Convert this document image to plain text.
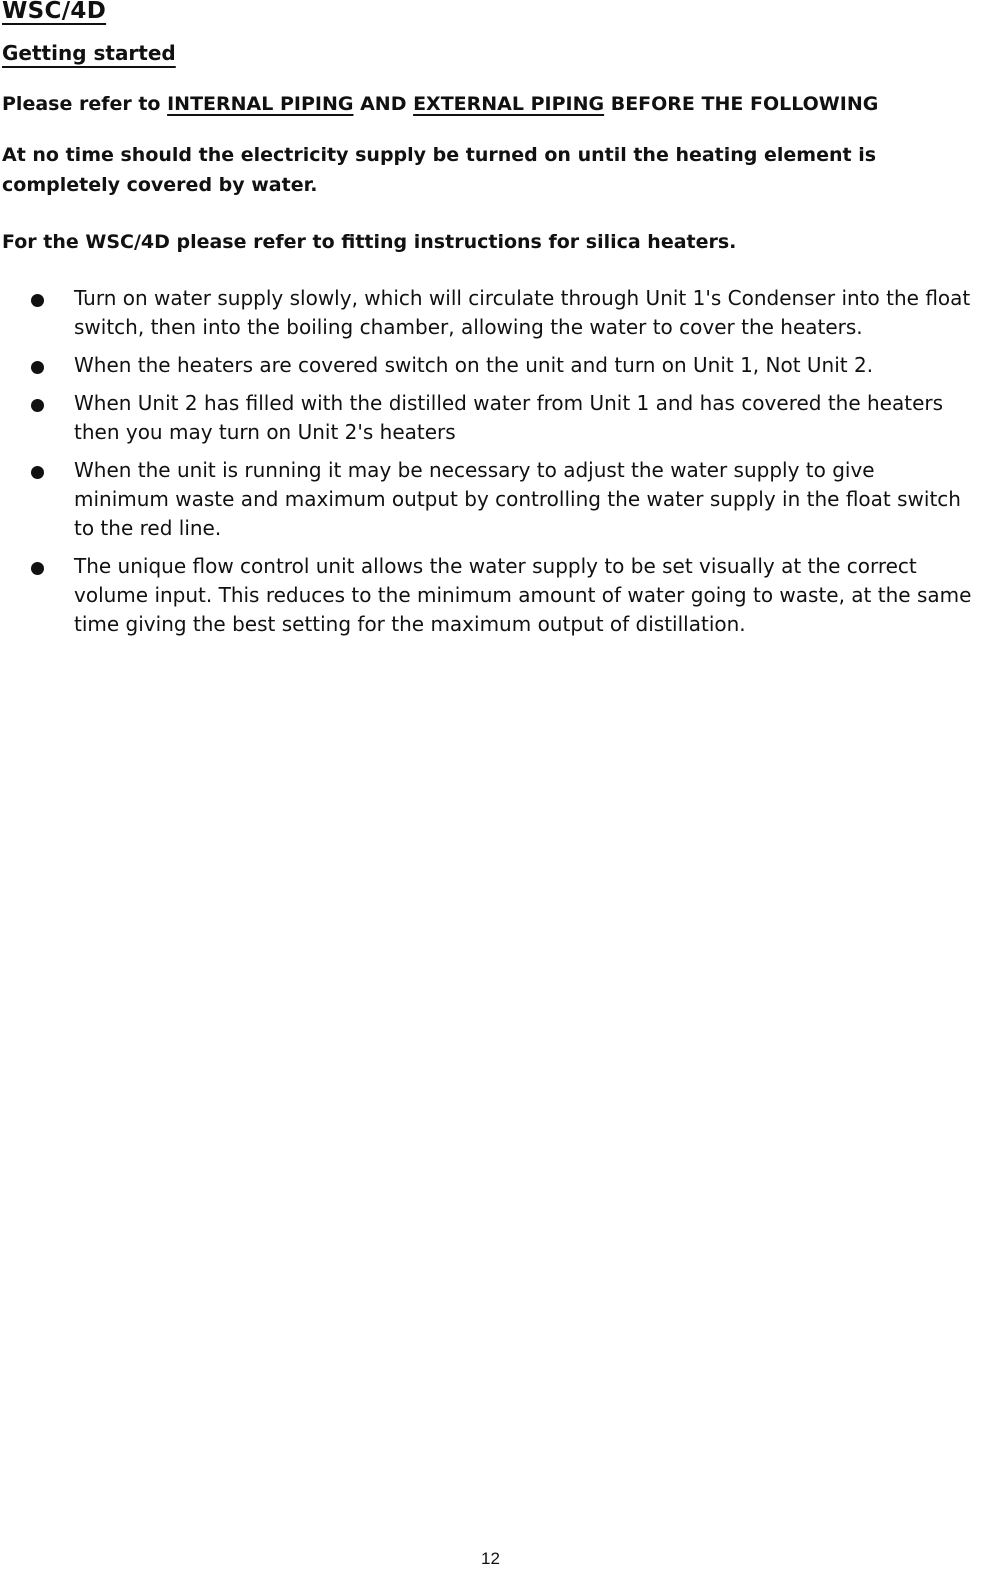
WSC/4D
Getting started

Please refer to INTERNAL PIPING AND EXTERNAL PIPING BEFORE THE FOLLOWING

At no time should the electricity supply be turned on until the heating element is completely covered by water.

For the WSC/4D please refer to fitting instructions for silica heaters.

Turn on water supply slowly, which will circulate through Unit 1's Condenser into the float switch, then into the boiling chamber, allowing the water to cover the heaters.
When the heaters are covered switch on the unit and turn on Unit 1, Not Unit 2.
When Unit 2 has filled with the distilled water from Unit 1 and has covered the heaters then you may turn on Unit 2's heaters
When the unit is running it may be necessary to adjust the water supply to give minimum waste and maximum output by controlling the water supply in the float switch to the red line.
The unique flow control unit allows the water supply to be set visually at the correct volume input. This reduces to the minimum amount of water going to waste, at the same time giving the best setting for the maximum output of distillation.
12
